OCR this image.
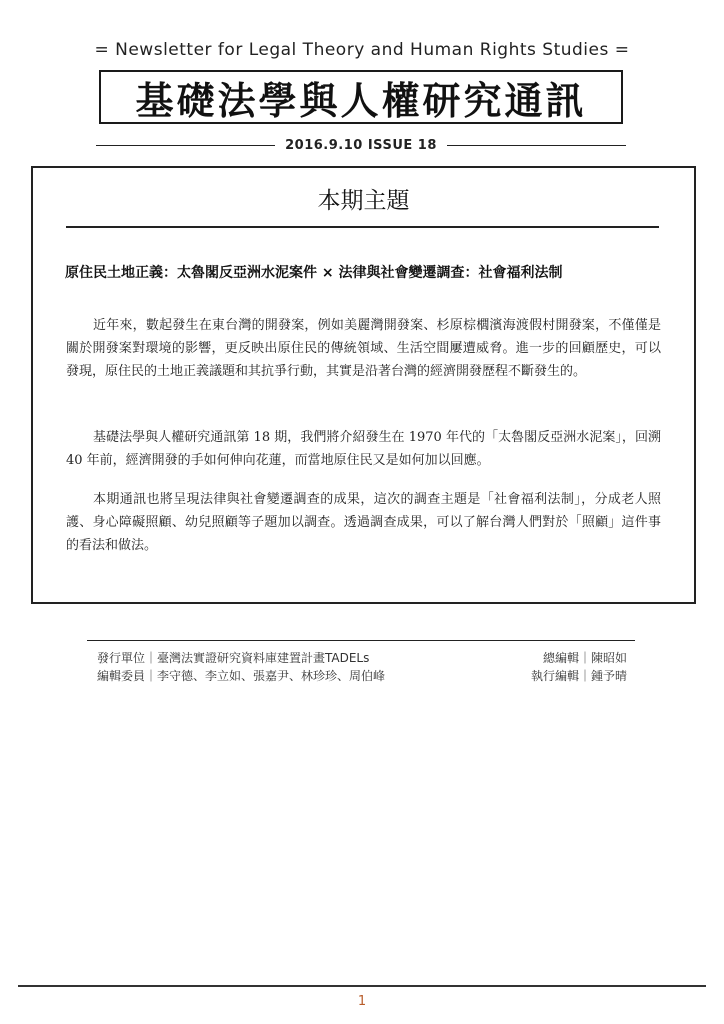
= Newsletter for Legal Theory and Human Rights Studies =
基礎法學與人權研究通訊
2016.9.10 ISSUE 18
本期主題
原住民土地正義：太魯閣反亞洲水泥案件 × 法律與社會變遷調查：社會福利法制

近年來，數起發生在東台灣的開發案，例如美麗灣開發案、杉原棕櫚濱海渡假村開發案，不僅僅是關於開發案對環境的影響，更反映出原住民的傳統領域、生活空間屢遭威脅。進一步的回顧歷史，可以發現，原住民的土地正義議題和其抗爭行動，其實是沿著台灣的經濟開發歷程不斷發生的。

基礎法學與人權研究通訊第 18 期，我們將介紹發生在 1970 年代的「太魯閣反亞洲水泥案」，回溯 40 年前，經濟開發的手如何伸向花蓮，而當地原住民又是如何加以回應。

本期通訊也將呈現法律與社會變遷調查的成果，這次的調查主題是「社會福利法制」，分成老人照護、身心障礙照顧、幼兒照顧等子題加以調查。透過調查成果，可以了解台灣人們對於「照顧」這件事的看法和做法。

發行單位｜臺灣法實證研究資料庫建置計畫TADELs
編輯委員｜李守德、李立如、張嘉尹、林珍珍、周伯峰
總編輯｜陳昭如
執行編輯｜鍾予晴
1
